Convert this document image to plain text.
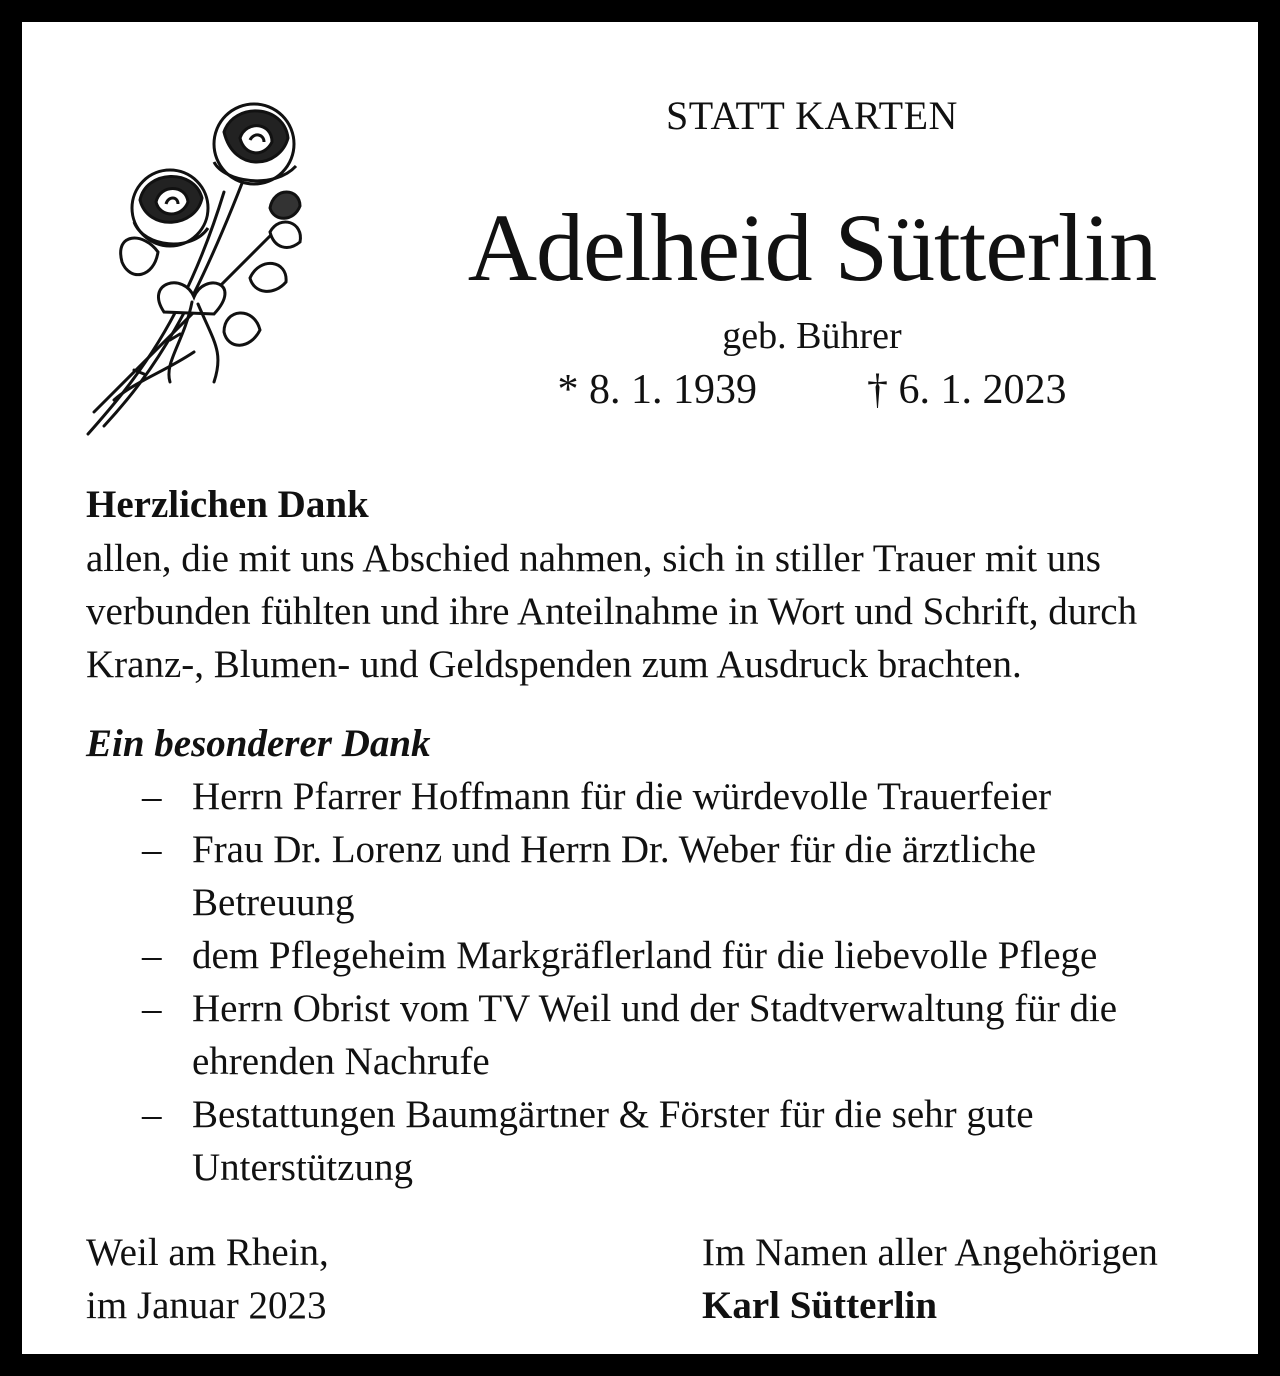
STATT KARTEN
Adelheid Sütterlin
geb. Bührer
* 8. 1. 1939	† 6. 1. 2023
Herzlichen Dank
allen, die mit uns Abschied nahmen, sich in stiller Trauer mit uns verbunden fühlten und ihre Anteilnahme in Wort und Schrift, durch Kranz-, Blumen- und Geldspenden zum Ausdruck brachten.
Ein besonderer Dank
– Herrn Pfarrer Hoffmann für die würdevolle Trauerfeier
– Frau Dr. Lorenz und Herrn Dr. Weber für die ärztliche Betreuung
– dem Pflegeheim Markgräflerland für die liebevolle Pflege
– Herrn Obrist vom TV Weil und der Stadtverwaltung für die ehrenden Nachrufe
– Bestattungen Baumgärtner & Förster für die sehr gute Unterstützung
Weil am Rhein,
im Januar 2023
Im Namen aller Angehörigen
Karl Sütterlin
